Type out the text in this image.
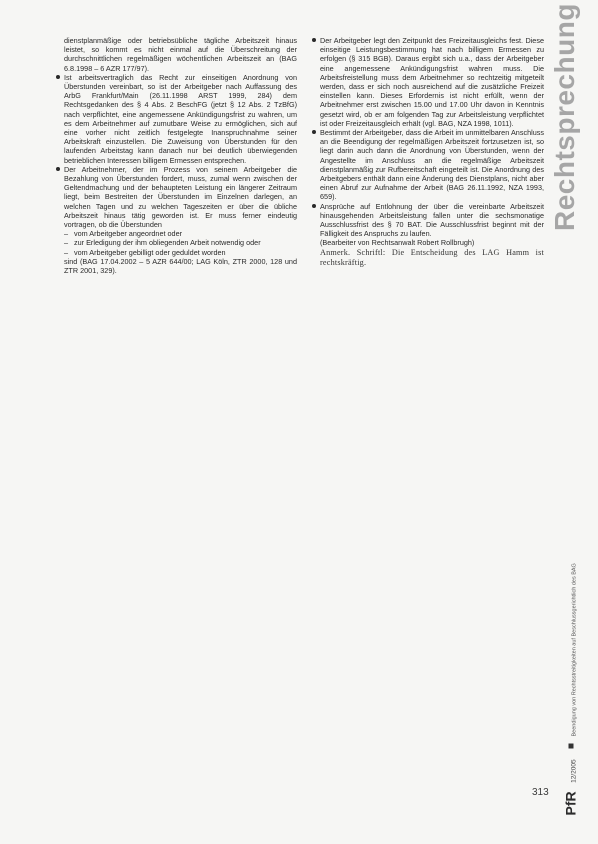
dienstplanmäßige oder betriebsübliche tägliche Arbeitszeit hinaus leistet, so kommt es nicht einmal auf die Überschreitung der durchschnittlichen regelmäßigen wöchentlichen Arbeitszeit an (BAG 6.8.1998 – 6 AZR 177/97).

Ist arbeitsvertraglich das Recht zur einseitigen Anordnung von Überstunden vereinbart, so ist der Arbeitgeber nach Auffassung des ArbG Frankfurt/Main (26.11.1998 ARST 1999, 284) dem Rechtsgedanken des § 4 Abs. 2 BeschFG (jetzt § 12 Abs. 2 TzBfG) nach verpflichtet, eine angemessene Ankündigungsfrist zu wahren, um es dem Arbeitnehmer auf zumutbare Weise zu ermöglichen, sich auf eine vorher nicht zeitlich festgelegte Inanspruchnahme seiner Arbeitskraft einzustellen. Die Zuweisung von Überstunden für den laufenden Arbeitstag kann danach nur bei deutlich überwiegenden betrieblichen Interessen billigem Ermessen entsprechen.

Der Arbeitnehmer, der im Prozess von seinem Arbeitgeber die Bezahlung von Überstunden fordert, muss, zumal wenn zwischen der Geltendmachung und der behaupteten Leistung ein längerer Zeitraum liegt, beim Bestreiten der Überstunden im Einzelnen darlegen, an welchen Tagen und zu welchen Tageszeiten er über die übliche Arbeitszeit hinaus tätig geworden ist. Er muss ferner eindeutig vortragen, ob die Überstunden

– vom Arbeitgeber angeordnet oder

– zur Erledigung der ihm obliegenden Arbeit notwendig oder

– vom Arbeitgeber gebilligt oder geduldet worden

sind (BAG 17.04.2002 – 5 AZR 644/00; LAG Köln, ZTR 2000, 128 und ZTR 2001, 329).

Der Arbeitgeber legt den Zeitpunkt des Freizeitausgleichs fest. Diese einseitige Leistungsbestimmung hat nach billigem Ermessen zu erfolgen (§ 315 BGB). Daraus ergibt sich u.a., dass der Arbeitgeber eine angemessene Ankündigungsfrist wahren muss. Die Arbeitsfreistellung muss dem Arbeitnehmer so rechtzeitig mitgeteilt werden, dass er sich noch ausreichend auf die zusätzliche Freizeit einstellen kann. Dieses Erfordernis ist nicht erfüllt, wenn der Arbeitnehmer erst zwischen 15.00 und 17.00 Uhr davon in Kenntnis gesetzt wird, ob er am folgenden Tag zur Arbeitsleistung verpflichtet ist oder Freizeitausgleich erhält (vgl. BAG, NZA 1998, 1011).

Bestimmt der Arbeitgeber, dass die Arbeit im unmittelbaren Anschluss an die Beendigung der regelmäßigen Arbeitszeit fortzusetzen ist, so liegt darin auch dann die Anordnung von Überstunden, wenn der Angestellte im Anschluss an die regelmäßige Arbeitszeit dienstplanmäßig zur Rufbereitschaft eingeteilt ist. Die Anordnung des Arbeitgebers enthält dann eine Änderung des Dienstplans, nicht aber einen Abruf zur Aufnahme der Arbeit (BAG 26.11.1992, NZA 1993, 659).

Ansprüche auf Entlohnung der über die vereinbarte Arbeitszeit hinausgehenden Arbeitsleistung fallen unter die sechsmonatige Ausschlussfrist des § 70 BAT. Die Ausschlussfrist beginnt mit der Fälligkeit des Anspruchs zu laufen.

(Bearbeiter von Rechtsanwalt Robert Rollbrugh)

Anmerk. Schriftl: Die Entscheidung des LAG Hamm ist rechtskräftig.

Rechtsprechung
PfR 12/2005  Beendigung von Rechtsstreitigkeiten auf Beschlussgerichtlich des BAG
313
